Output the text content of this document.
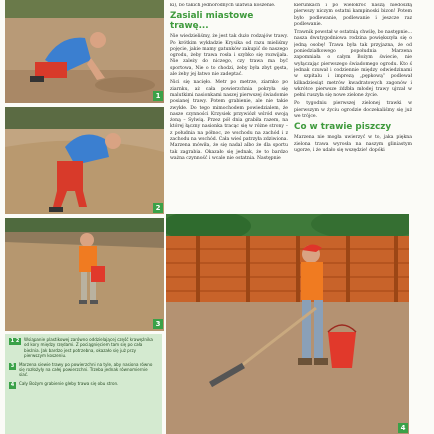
1
2
3
4

ki), bo takich jednorodnych ulatwia koszenie.

Zasiali miastowe trawę...

Nie wiedzieliśmy, że jest tak dużo rodzajów trawy. Po krótkim wykładzie Krysika od razu mieliśmy pojęcie, jakie mamy gatunków zakupić do naszego ogrodu, żeby trawa rosła i szybko się rozwijała. Nie zależy do niczego, czy trawa ma być sportowa, Nie o to chodzi, żeby była zbyt gęsta, ale żeby jej łatwo nie zadeptać.

Nici się nacięło. Metr po metrze, ziarnko po ziarnku, aż cała powierzchnia pokryła się malutkimi nasionkami naszej pierwszej świadomie posianej trawy. Potem grabienie, ale nie takie zwykłe. Do tego mimochodem powiedzialem, że nasze czynności Krzysiek przywiózł wśród swoją żoną – Sylwią. Przez pół dnia grabiła razem, na której łączny nasionka tracąc się w różne strony – z południa na północ, ze wschodu na zachód i z zachodu na wschód. Cała wieś patrzyła zdziwiona. Marzena mówiła, że się nadal albo że dla sportu tak zagrabia. Okazało się jednak, że to bardzo ważna czynność i wcale nie ostatnia. Następnie

kierunkach i po wielokroć naszą niedoszłą pierwszy niczym ostatni kampinoski bizon! Potem było podlewanie, podlewanie i jeszcze raz podlewanie.

Trawnik powstał w ostatnią chwilę, bo następnie... nasza dwutygodniowa rodzina powiększyła się o jedną osobę! Trawa była tak przyjazna, że od poniedziałkowego popołudnia Marzena zapomniała o całym Bożym świecie, nie wyłączając pierwszego świadomego ogrodu. Kto ś jednak czuwał i codziennie między odwiedzinami w szpitalu i imprezą „pępkową” podlewał kilkadziesiąt metrów kwadratowych zagonów i wkrótce pierwsze źdźbła młodej trawy ujrzał w pełni ruszyła się nowe zielone życie.

Po tygodniu pierwszej zielonej trawki w pierwszym w życiu ogrodzie doczekaliśmy się już we trójce.

Co w trawie piszczy

Marzena nie mogła uwierzyć w to, jaka piękna zielona trawa wyrosła na naszym gliniastym ugorze, i że udało się wszędzie! dopóki

1 2	Wsiąpanie plastikowej zarówno oddzielającej część krawężnika od kory między rzędami. Z pociągnięciem tam się po cała bieżnia. Jak bardzo jest potrzebna, okazało się już przy pierwszym koszeniu.
3	Marzena siewie trawy po powierzchni na tyle, aby nasiona równo się rozłożyły na całej powierzchni. Trzeba jednak równomiernie siać.
4	Cały Bożym grabienie gleby trawa się obu stron.
